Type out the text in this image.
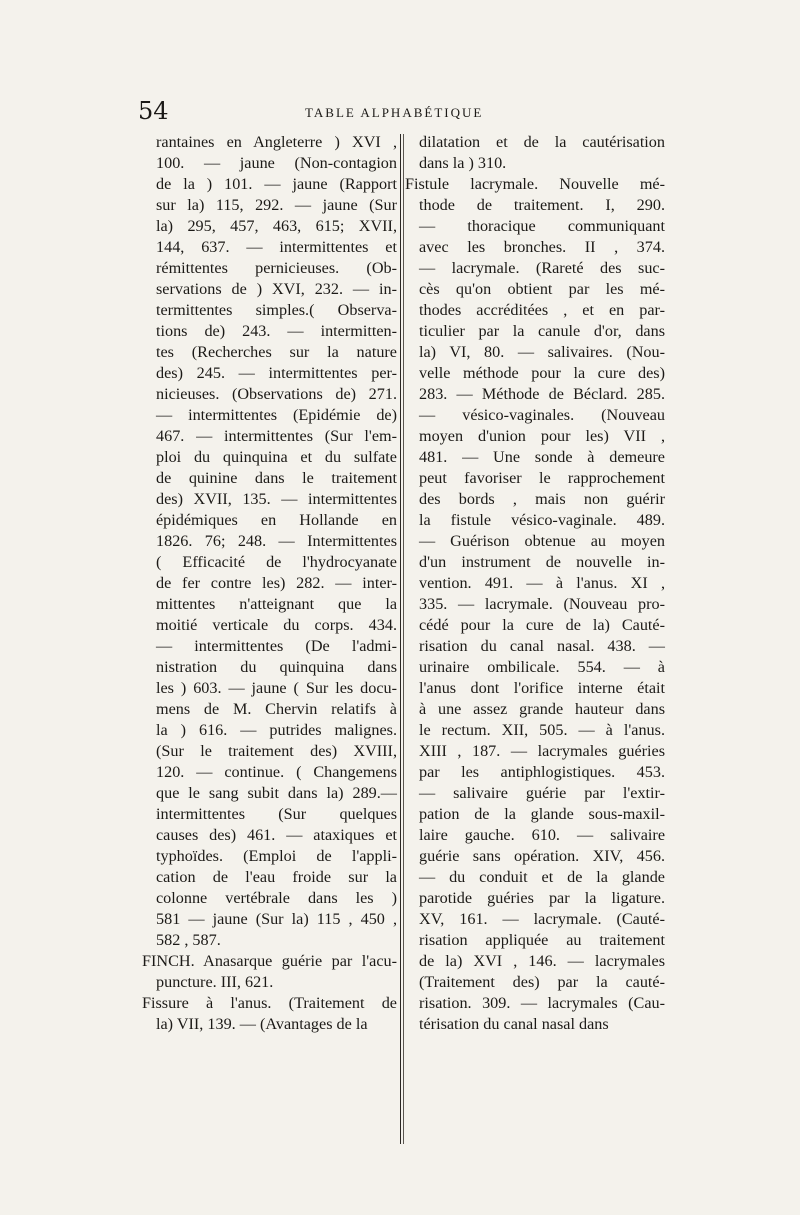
54	TABLE ALPHABÉTIQUE
rantaines en Angleterre ) XVI ,
100. — jaune (Non-contagion
de la ) 101. — jaune (Rapport
sur la) 115, 292. — jaune (Sur
la) 295, 457, 463, 615; XVII,
144, 637. — intermittentes et
rémittentes pernicieuses. (Ob-
servations de ) XVI, 232. — in-
termittentes simples.( Observa-
tions de) 243. — intermitten-
tes (Recherches sur la nature
des) 245. — intermittentes per-
nicieuses. (Observations de) 271.
— intermittentes (Epidémie de)
467. — intermittentes (Sur l'em-
ploi du quinquina et du sulfate
de quinine dans le traitement
des) XVII, 135. — intermittentes
épidémiques en Hollande en
1826. 76; 248. — Intermittentes
( Efficacité de l'hydrocyanate
de fer contre les) 282. — inter-
mittentes n'atteignant que la
moitié verticale du corps. 434.
— intermittentes (De l'admi-
nistration du quinquina dans
les ) 603. — jaune ( Sur les docu-
mens de M. Chervin relatifs à
la ) 616. — putrides malignes.
(Sur le traitement des) XVIII,
120. — continue. ( Changemens
que le sang subit dans la) 289.—
intermittentes (Sur quelques
causes des) 461. — ataxiques et
typhoïdes. (Emploi de l'appli-
cation de l'eau froide sur la
colonne vertébrale dans les )
581 — jaune (Sur la) 115 , 450 ,
582 , 587.
FINCH. Anasarque guérie par l'acu-
puncture. III, 621.
Fissure à l'anus. (Traitement de
la) VII, 139. — (Avantages de la
dilatation et de la cautérisation
dans la ) 310.
Fistule lacrymale. Nouvelle mé-
thode de traitement. I, 290.
— thoracique communiquant
avec les bronches. II , 374.
— lacrymale. (Rareté des suc-
cès qu'on obtient par les mé-
thodes accréditées , et en par-
ticulier par la canule d'or, dans
la) VI, 80. — salivaires. (Nou-
velle méthode pour la cure des)
283. — Méthode de Béclard. 285.
— vésico-vaginales. (Nouveau
moyen d'union pour les) VII ,
481. — Une sonde à demeure
peut favoriser le rapprochement
des bords , mais non guérir
la fistule vésico-vaginale. 489.
— Guérison obtenue au moyen
d'un instrument de nouvelle in-
vention. 491. — à l'anus. XI ,
335. — lacrymale. (Nouveau pro-
cédé pour la cure de la) Cauté-
risation du canal nasal. 438. —
urinaire ombilicale. 554. — à
l'anus dont l'orifice interne était
à une assez grande hauteur dans
le rectum. XII, 505. — à l'anus.
XIII , 187. — lacrymales guéries
par les antiphlogistiques. 453.
— salivaire guérie par l'extir-
pation de la glande sous-maxil-
laire gauche. 610. — salivaire
guérie sans opération. XIV, 456.
— du conduit et de la glande
parotide guéries par la ligature.
XV, 161. — lacrymale. (Cauté-
risation appliquée au traitement
de la) XVI , 146. — lacrymales
(Traitement des) par la cauté-
risation. 309. — lacrymales (Cau-
térisation du canal nasal dans
